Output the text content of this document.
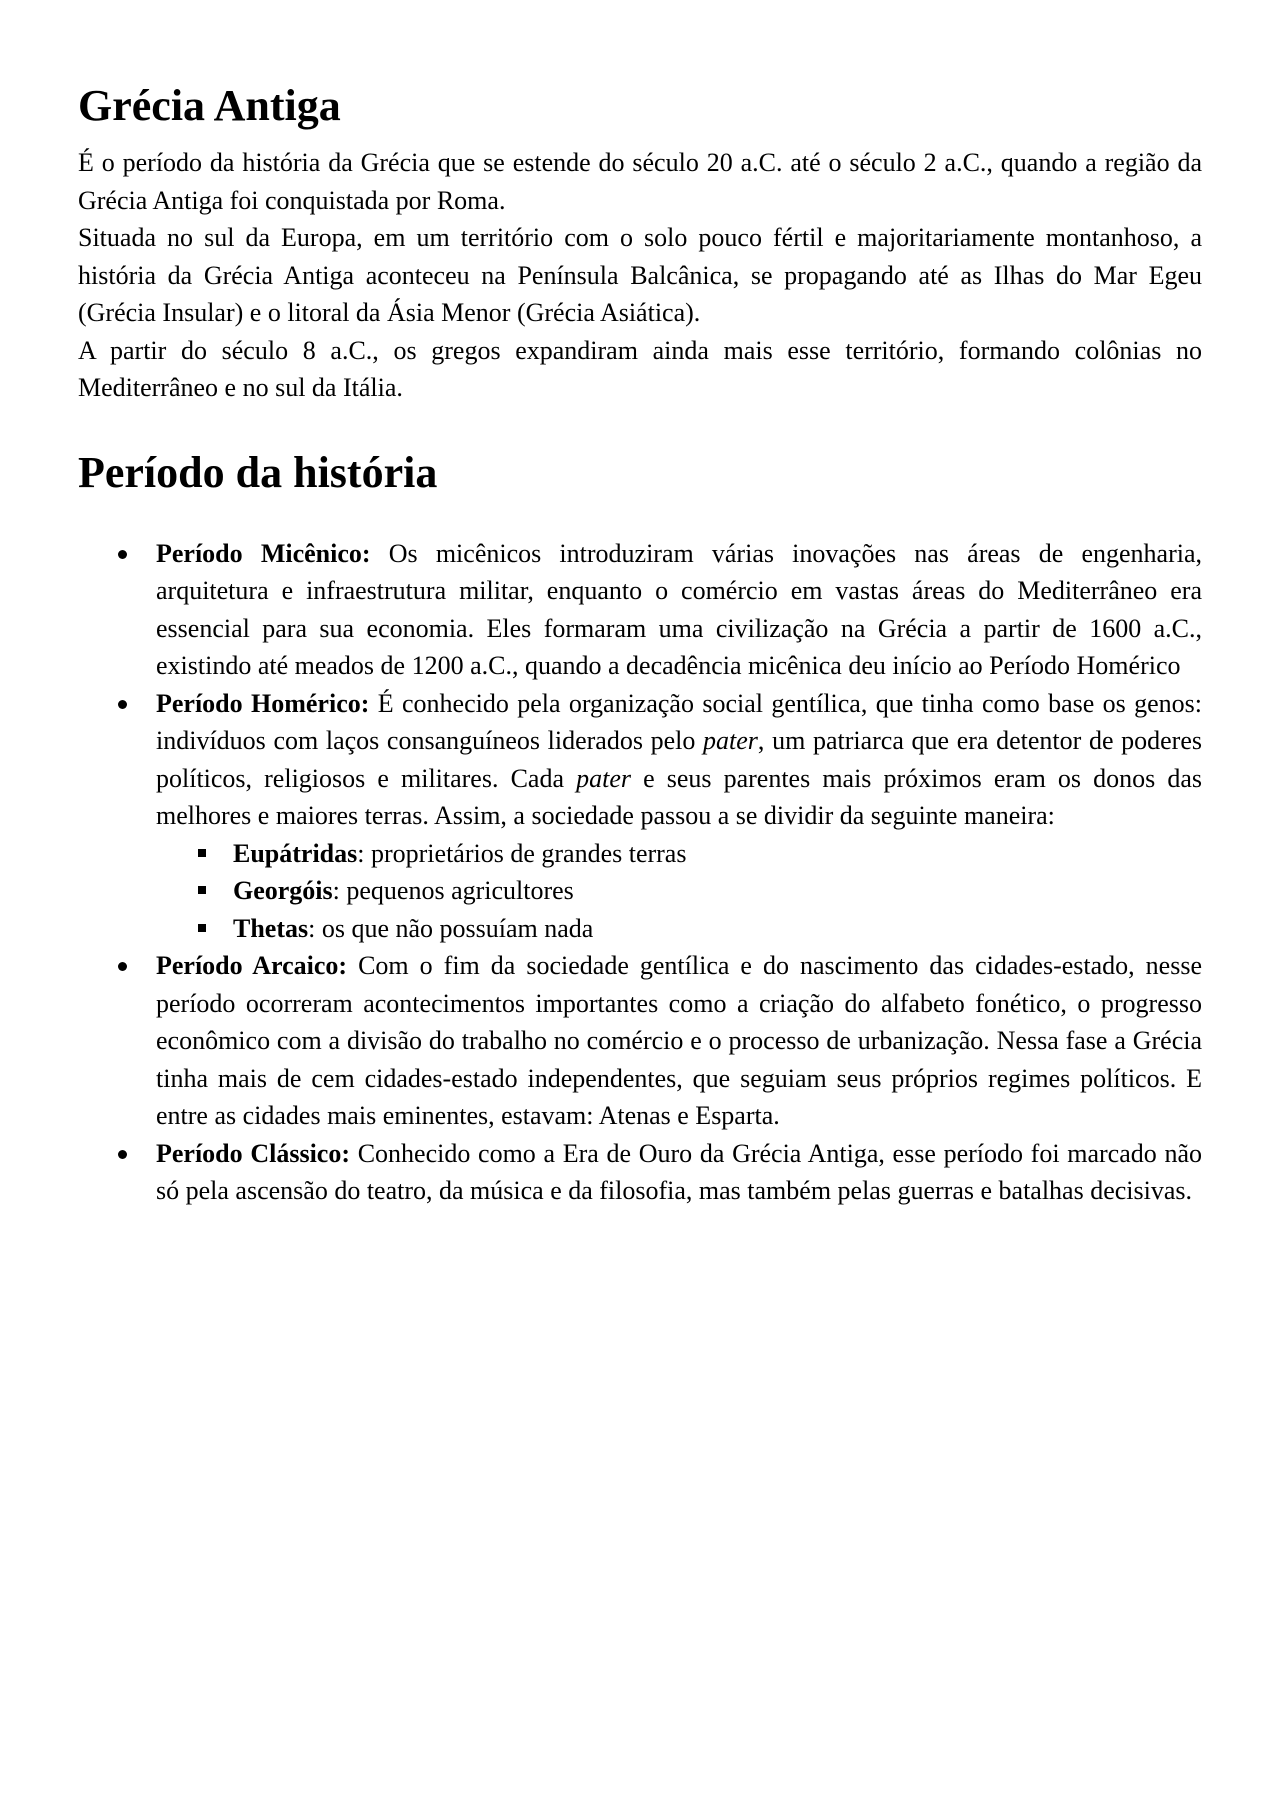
Grécia Antiga

É o período da história da Grécia que se estende do século 20 a.C. até o século 2 a.C., quando a região da Grécia Antiga foi conquistada por Roma.

Situada no sul da Europa, em um território com o solo pouco fértil e majoritariamente montanhoso, a história da Grécia Antiga aconteceu na Península Balcânica, se propagando até as Ilhas do Mar Egeu (Grécia Insular) e o litoral da Ásia Menor (Grécia Asiática).

A partir do século 8 a.C., os gregos expandiram ainda mais esse território, formando colônias no Mediterrâneo e no sul da Itália.

Período da história
Período Micênico: Os micênicos introduziram várias inovações nas áreas de engenharia, arquitetura e infraestrutura militar, enquanto o comércio em vastas áreas do Mediterrâneo era essencial para sua economia. Eles formaram uma civilização na Grécia a partir de 1600 a.C., existindo até meados de 1200 a.C., quando a decadência micênica deu início ao Período Homérico
Período Homérico: É conhecido pela organização social gentílica, que tinha como base os genos: indivíduos com laços consanguíneos liderados pelo pater, um patriarca que era detentor de poderes políticos, religiosos e militares. Cada pater e seus parentes mais próximos eram os donos das melhores e maiores terras. Assim, a sociedade passou a se dividir da seguinte maneira:
Eupátridas: proprietários de grandes terras
Georgóis: pequenos agricultores
Thetas: os que não possuíam nada
Período Arcaico: Com o fim da sociedade gentílica e do nascimento das cidades-estado, nesse período ocorreram acontecimentos importantes como a criação do alfabeto fonético, o progresso econômico com a divisão do trabalho no comércio e o processo de urbanização. Nessa fase a Grécia tinha mais de cem cidades-estado independentes, que seguiam seus próprios regimes políticos. E entre as cidades mais eminentes, estavam: Atenas e Esparta.
Período Clássico: Conhecido como a Era de Ouro da Grécia Antiga, esse período foi marcado não só pela ascensão do teatro, da música e da filosofia, mas também pelas guerras e batalhas decisivas.
